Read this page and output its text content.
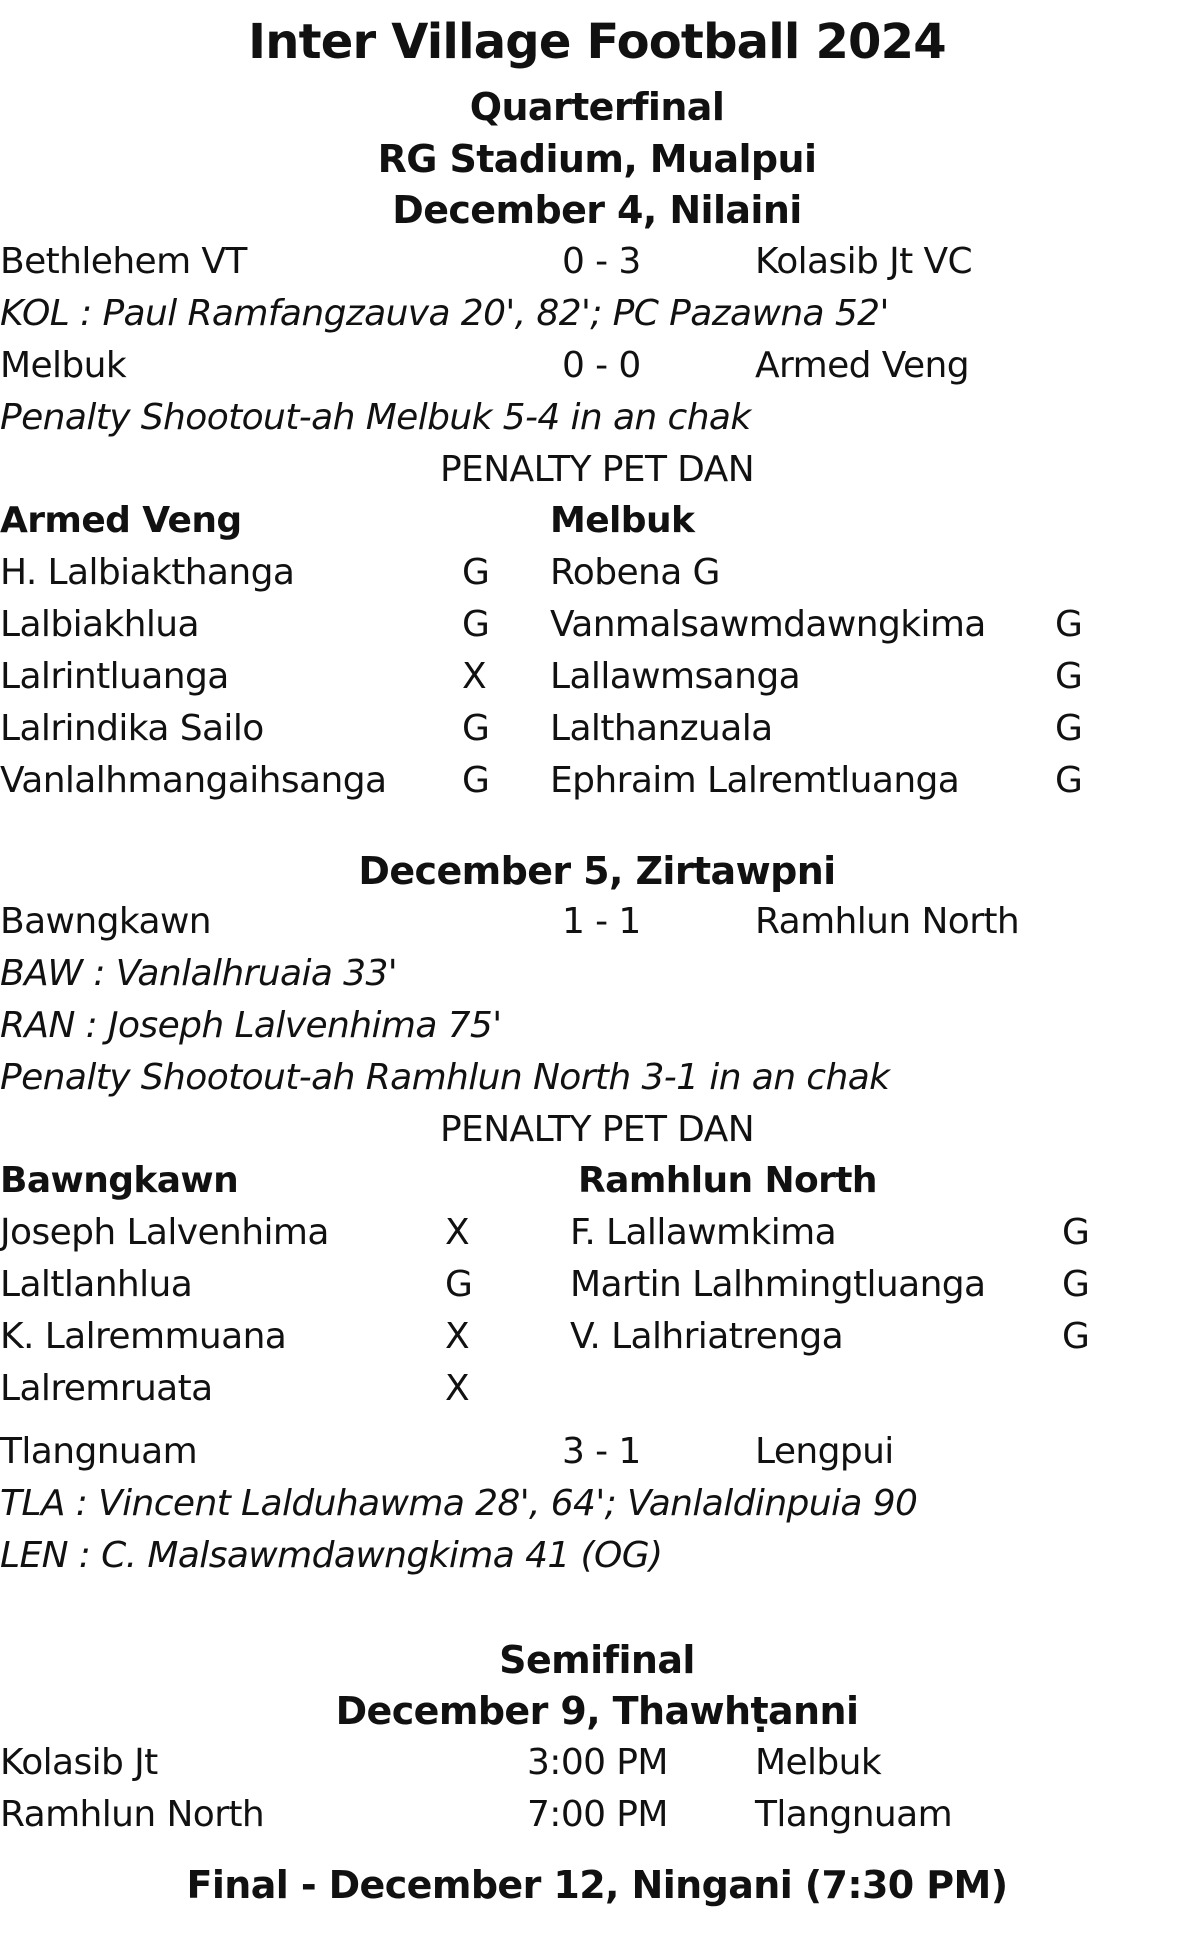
Inter Village Football 2024
Quarterfinal
RG Stadium, Mualpui
December 4, Nilaini
Bethlehem VT	0 - 3	Kolasib Jt VC
KOL : Paul Ramfangzauva 20', 82'; PC Pazawna 52'
Melbuk	0 - 0	Armed Veng
Penalty Shootout-ah Melbuk 5-4 in an chak
PENALTY PET DAN
Armed Veng	Melbuk
H. Lalbiakthanga	G Robena G
Lalbiakhlua	G Vanmalsawmdawngkima G
Lalrintluanga	X Lallawmsanga	G
Lalrindika Sailo	G Lalthanzuala	G
Vanlalhmangaihsanga G Ephraim Lalremtluanga	G
December 5, Zirtawpni
Bawngkawn	1 - 1	Ramhlun North
BAW : Vanlalhruaia 33'
RAN : Joseph Lalvenhima 75'
Penalty Shootout-ah Ramhlun North 3-1 in an chak
PENALTY PET DAN
Bawngkawn	Ramhlun North
Joseph Lalvenhima	X	F. Lallawmkima	G
Laltlanhlua	G	Martin Lalhmingtluanga G
K. Lalremmuana	X	V. Lalhriatrenga	G
Lalremruata	X
Tlangnuam	3 - 1	Lengpui
TLA : Vincent Lalduhawma 28', 64'; Vanlaldinpuia 90
LEN : C. Malsawmdawngkima 41 (OG)
Semifinal
December 9, Thawhṭanni
Kolasib Jt	3:00 PM Melbuk
Ramhlun North	7:00 PM Tlangnuam
Final - December 12, Ningani (7:30 PM)
